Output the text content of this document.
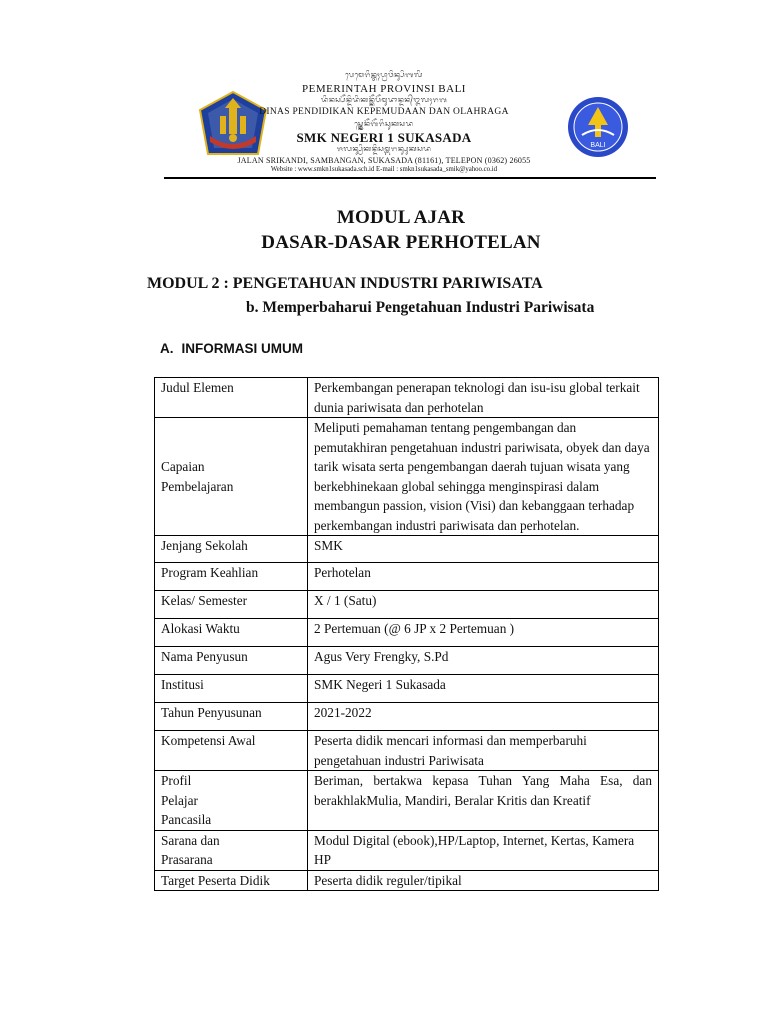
BALI
ᬧᬾᬫᬾᬭᬶᬦ᭄ᬢᬄᬧ᭄ᬭᬵᬯᬶᬦ᭄ᬲᬶᬩᬮᬶ
PEMERINTAH PROVINSI BALI
ᬤᬶᬦᬲ᭄ᬧᭂᬦ᭄ᬤᬶᬤᬶᬓᬦ᭄ᬓᭂᬧᭂᬫᬸᬤᬵᬦ᭄ᬤᬦ᭄ᬑᬮᬄᬭᬕ
DINAS PENDIDIKAN KEPEMUDAAN DAN OLAHRAGA
ᬲ᭄ᬫ᭄ᬓᬾᬦᭂᬕᭂᬭᬶᬲᬸᬓᬲᬤ
SMK NEGERI 1 SUKASADA
ᬚᬮᬦ᭄ᬲ᭄ᬭᬶᬓᬦ᭄ᬤᬶᬲᬫ᭄ᬩᬗᬦ᭄ᬲᬸᬓᬲᬤ
JALAN SRIKANDI, SAMBANGAN, SUKASADA (81161), TELEPON (0362) 26055
Website : www.smkn1sukasada.sch.id E-mail : smkn1sukasada_smik@yahoo.co.id
MODUL AJAR
DASAR-DASAR PERHOTELAN
MODUL 2 : PENGETAHUAN INDUSTRI PARIWISATA
b. Memperbaharui Pengetahuan Industri Pariwisata
A. INFORMASI UMUM
Judul Elemen	Perkembangan penerapan teknologi dan isu-isu global terkait dunia pariwisata dan perhotelan

Capaian
Pembelajaran	Meliputi pemahaman tentang pengembangan dan pemutakhiran pengetahuan industri pariwisata, obyek dan daya tarik wisata serta pengembangan daerah tujuan wisata yang berkebhinekaan global sehingga menginspirasi dalam membangun passion, vision (Visi) dan kebanggaan terhadap perkembangan industri pariwisata dan perhotelan.
Jenjang Sekolah	SMK
Program Keahlian	Perhotelan
Kelas/ Semester	X / 1 (Satu)
Alokasi Waktu	2 Pertemuan (@ 6 JP x 2 Pertemuan )
Nama Penyusun	Agus Very Frengky, S.Pd
Institusi	SMK Negeri 1 Sukasada
Tahun Penyusunan	2021-2022
Kompetensi Awal	Peserta didik mencari informasi dan memperbaruhi pengetahuan industri Pariwisata

Profil
Pelajar
Pancasila	Beriman, bertakwa kepasa Tuhan Yang Maha Esa, dan berakhlakMulia, Mandiri, Beralar Kritis dan Kreatif

Sarana dan
Prasarana	Modul Digital (ebook),HP/Laptop, Internet, Kertas, Kamera HP
Target Peserta Didik	Peserta didik reguler/tipikal
